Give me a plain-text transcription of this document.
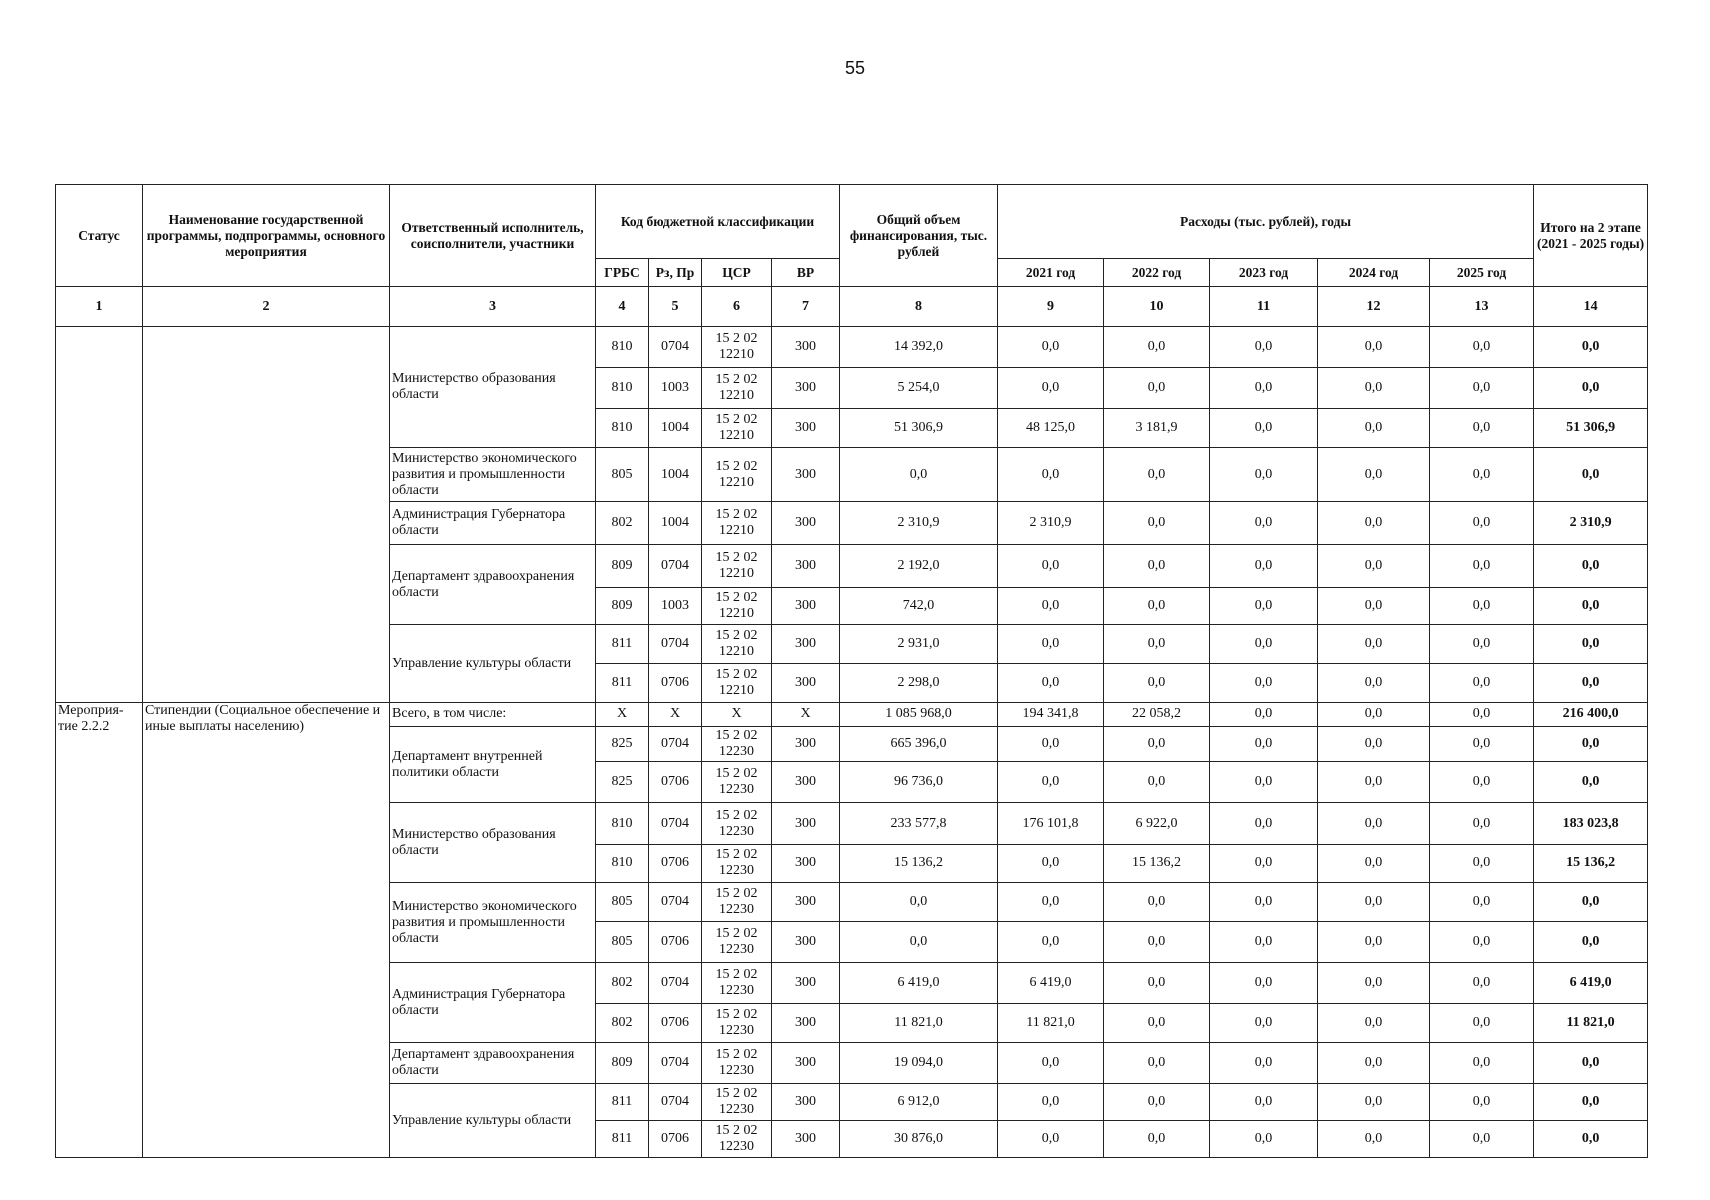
55
Статус	Наименование государственной программы, подпрограммы, основного мероприятия	Ответственный исполнитель, соисполнители, участники	Код бюджетной классификации				Общий объем финансирования, тыс. рублей	Расходы (тыс. рублей), годы					Итого на 2 этапе (2021 - 2025 годы)
			ГРБС	Рз, Пр	ЦСР	ВР		2021 год	2022 год	2023 год	2024 год	2025 год	
1	2	3	4	5	6	7	8	9	10	11	12	13	14
		Министерство образования области	810	0704	15 2 02 12210	300	14 392,0	0,0	0,0	0,0	0,0	0,0	0,0
			810	1003	15 2 02 12210	300	5 254,0	0,0	0,0	0,0	0,0	0,0	0,0
			810	1004	15 2 02 12210	300	51 306,9	48 125,0	3 181,9	0,0	0,0	0,0	51 306,9
		Министерство экономического развития и промышленности области	805	1004	15 2 02 12210	300	0,0	0,0	0,0	0,0	0,0	0,0	0,0
		Администрация Губернатора области	802	1004	15 2 02 12210	300	2 310,9	2 310,9	0,0	0,0	0,0	0,0	2 310,9
		Департамент здравоохранения области	809	0704	15 2 02 12210	300	2 192,0	0,0	0,0	0,0	0,0	0,0	0,0
			809	1003	15 2 02 12210	300	742,0	0,0	0,0	0,0	0,0	0,0	0,0
		Управление культуры области	811	0704	15 2 02 12210	300	2 931,0	0,0	0,0	0,0	0,0	0,0	0,0
			811	0706	15 2 02 12210	300	2 298,0	0,0	0,0	0,0	0,0	0,0	0,0
Мероприя- тие 2.2.2	Стипендии (Социальное обеспечение и иные выплаты населению)	Всего, в том числе:	X	X	X	X	1 085 968,0	194 341,8	22 058,2	0,0	0,0	0,0	216 400,0
		Департамент внутренней политики области	825	0704	15 2 02 12230	300	665 396,0	0,0	0,0	0,0	0,0	0,0	0,0
			825	0706	15 2 02 12230	300	96 736,0	0,0	0,0	0,0	0,0	0,0	0,0
		Министерство образования области	810	0704	15 2 02 12230	300	233 577,8	176 101,8	6 922,0	0,0	0,0	0,0	183 023,8
			810	0706	15 2 02 12230	300	15 136,2	0,0	15 136,2	0,0	0,0	0,0	15 136,2
		Министерство экономического развития и промышленности области	805	0704	15 2 02 12230	300	0,0	0,0	0,0	0,0	0,0	0,0	0,0
			805	0706	15 2 02 12230	300	0,0	0,0	0,0	0,0	0,0	0,0	0,0
		Администрация Губернатора области	802	0704	15 2 02 12230	300	6 419,0	6 419,0	0,0	0,0	0,0	0,0	6 419,0
			802	0706	15 2 02 12230	300	11 821,0	11 821,0	0,0	0,0	0,0	0,0	11 821,0
		Департамент здравоохранения области	809	0704	15 2 02 12230	300	19 094,0	0,0	0,0	0,0	0,0	0,0	0,0
		Управление культуры области	811	0704	15 2 02 12230	300	6 912,0	0,0	0,0	0,0	0,0	0,0	0,0
			811	0706	15 2 02 12230	300	30 876,0	0,0	0,0	0,0	0,0	0,0	0,0
